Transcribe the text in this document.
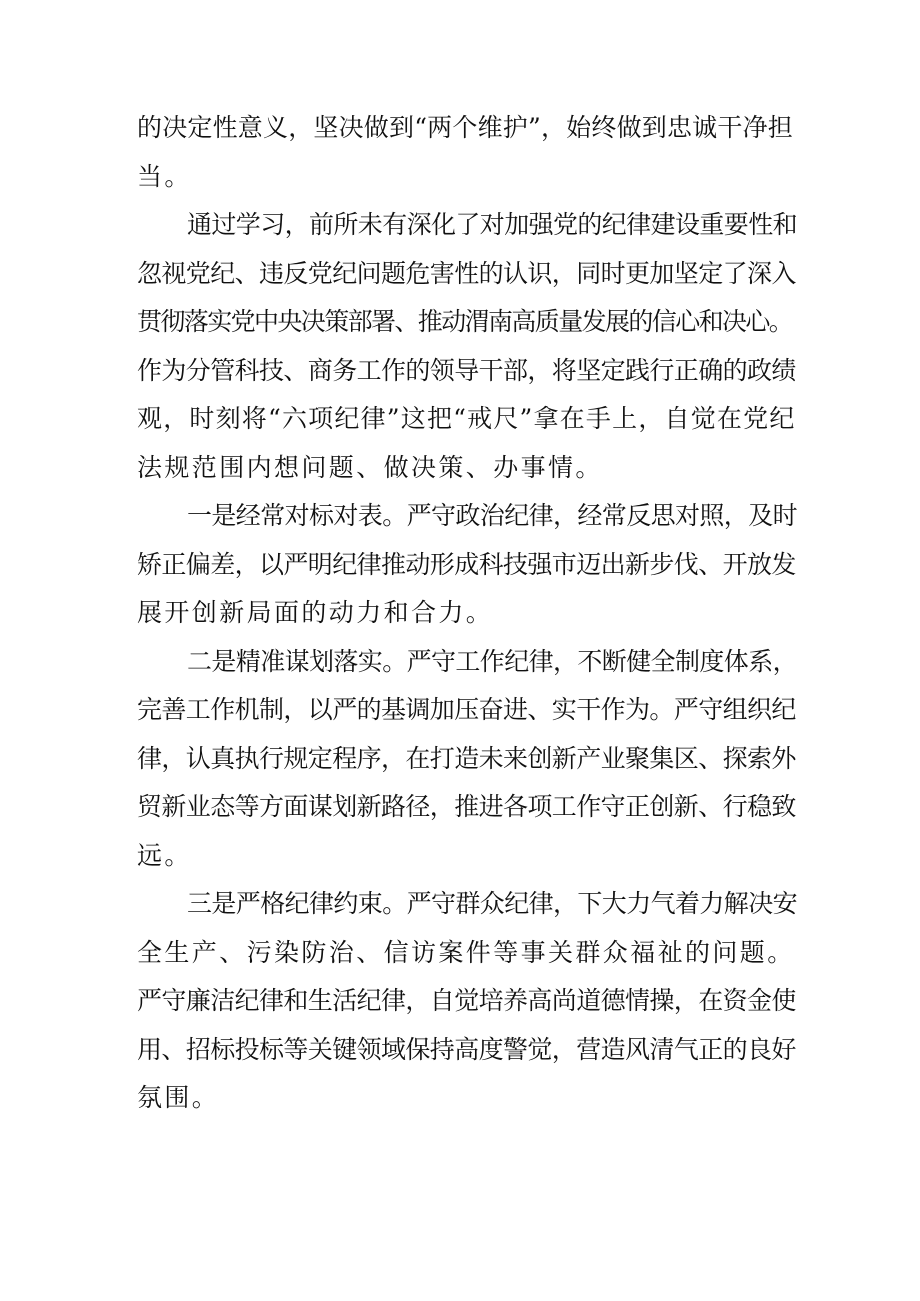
的决定性意义，坚决做到“两个维护”，始终做到忠诚干净担
当。

通过学习，前所未有深化了对加强党的纪律建设重要性和
忽视党纪、违反党纪问题危害性的认识，同时更加坚定了深入
贯彻落实党中央决策部署、推动渭南高质量发展的信心和决心。
作为分管科技、商务工作的领导干部，将坚定践行正确的政绩
观，时刻将“六项纪律”这把“戒尺”拿在手上，自觉在党纪
法规范围内想问题、做决策、办事情。

一是经常对标对表。严守政治纪律，经常反思对照，及时
矫正偏差，以严明纪律推动形成科技强市迈出新步伐、开放发
展开创新局面的动力和合力。

二是精准谋划落实。严守工作纪律，不断健全制度体系，
完善工作机制，以严的基调加压奋进、实干作为。严守组织纪
律，认真执行规定程序，在打造未来创新产业聚集区、探索外
贸新业态等方面谋划新路径，推进各项工作守正创新、行稳致
远。

三是严格纪律约束。严守群众纪律，下大力气着力解决安
全生产、污染防治、信访案件等事关群众福祉的问题。

严守廉洁纪律和生活纪律，自觉培养高尚道德情操，在资金使
用、招标投标等关键领域保持高度警觉，营造风清气正的良好
氛围。
